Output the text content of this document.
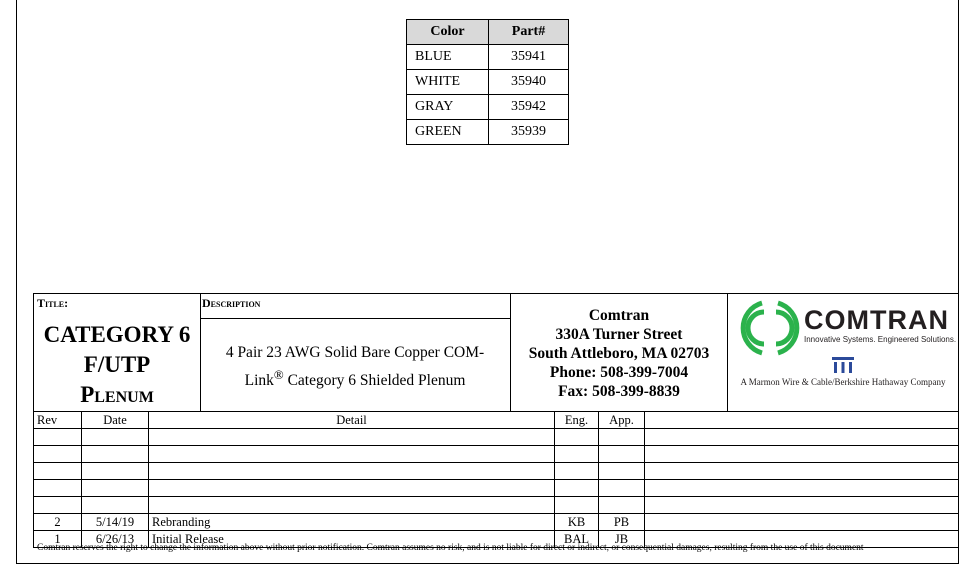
Color	Part#
BLUE	35941
WHITE	35940
GRAY	35942
GREEN	35939
Title:	Description
CATEGORY 6
F/UTP
Plenum
4 Pair 23 AWG Solid Bare Copper COM-
Link® Category 6 Shielded Plenum
Comtran
330A Turner Street
South Attleboro, MA 02703
Phone: 508-399-7004
Fax: 508-399-8839
COMTRAN
Innovative Systems. Engineered Solutions.
A Marmon Wire & Cable/Berkshire Hathaway Company
Rev	Date	Detail	Eng.	App.	

2	5/14/19	Rebranding	KB	PB	
1	6/26/13	Initial Release	BAL	JB	
Comtran reserves the right to change the information above without prior notification. Comtran assumes no risk, and is not liable for direct or indirect, or consequential damages, resulting from the use of this document
